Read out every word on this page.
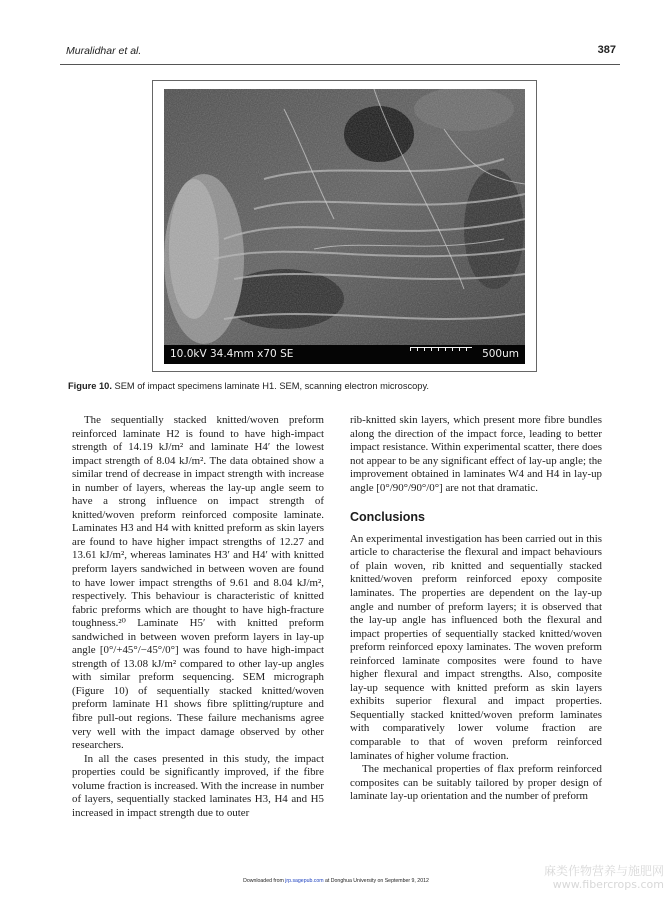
Muralidhar et al.	387
10.0kV 34.4mm x70 SE	500um
Figure 10. SEM of impact specimens laminate H1. SEM, scanning electron microscopy.

The sequentially stacked knitted/woven preform reinforced laminate H2 is found to have high-impact strength of 14.19 kJ/m² and laminate H4′ the lowest impact strength of 8.04 kJ/m². The data obtained show a similar trend of decrease in impact strength with increase in number of layers, whereas the lay-up angle seem to have a strong influence on impact strength of knitted/woven preform reinforced composite laminate. Laminates H3 and H4 with knitted preform as skin layers are found to have higher impact strengths of 12.27 and 13.61 kJ/m², whereas laminates H3′ and H4′ with knitted preform layers sandwiched in between woven are found to have lower impact strengths of 9.61 and 8.04 kJ/m², respectively. This behaviour is characteristic of knitted fabric preforms which are thought to have high-fracture toughness.²⁰ Laminate H5′ with knitted preform sandwiched in between woven preform layers in lay-up angle [0°/+45°/−45°/0°] was found to have high-impact strength of 13.08 kJ/m² compared to other lay-up angles with similar preform sequencing. SEM micrograph (Figure 10) of sequentially stacked knitted/woven preform laminate H1 shows fibre splitting/rupture and fibre pull-out regions. These failure mechanisms agree very well with the impact damage observed by other researchers.

In all the cases presented in this study, the impact properties could be significantly improved, if the fibre volume fraction is increased. With the increase in number of layers, sequentially stacked laminates H3, H4 and H5 increased in impact strength due to outer

rib-knitted skin layers, which present more fibre bundles along the direction of the impact force, leading to better impact resistance. Within experimental scatter, there does not appear to be any significant effect of lay-up angle; the improvement obtained in laminates W4 and H4 in lay-up angle [0°/90°/90°/0°] are not that dramatic.

Conclusions

An experimental investigation has been carried out in this article to characterise the flexural and impact behaviours of plain woven, rib knitted and sequentially stacked knitted/woven preform reinforced epoxy composite laminates. The properties are dependent on the lay-up angle and number of preform layers; it is observed that the lay-up angle has influenced both the flexural and impact properties of sequentially stacked knitted/woven preform reinforced epoxy laminates. The woven preform reinforced laminate composites were found to have higher flexural and impact strengths. Also, composite lay-up sequence with knitted preform as skin layers exhibits superior flexural and impact properties. Sequentially stacked knitted/woven preform laminates with comparatively lower volume fraction are comparable to that of woven preform reinforced laminates of higher volume fraction.

The mechanical properties of flax preform reinforced composites can be suitably tailored by proper design of laminate lay-up orientation and the number of preform

Downloaded from jrp.sagepub.com at Donghua University on September 9, 2012
麻类作物营养与施肥网
www.fibercrops.com
